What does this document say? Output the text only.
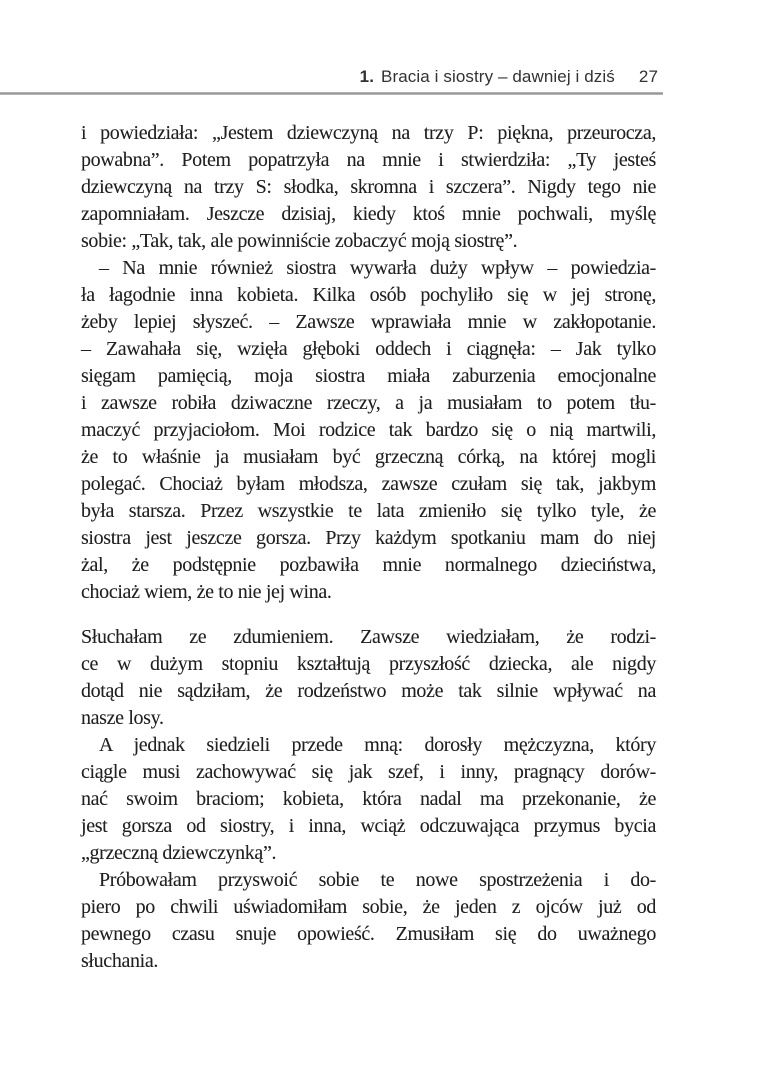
1. Bracia i siostry – dawniej i dziś 27
i powiedziała: „Jestem dziewczyną na trzy P: piękna, przeurocza,
powabna”. Potem popatrzyła na mnie i stwierdziła: „Ty jesteś
dziewczyną na trzy S: słodka, skromna i szczera”. Nigdy tego nie
zapomniałam. Jeszcze dzisiaj, kiedy ktoś mnie pochwali, myślę
sobie: „Tak, tak, ale powinniście zobaczyć moją siostrę”.
– Na mnie również siostra wywarła duży wpływ – powiedzia-
ła łagodnie inna kobieta. Kilka osób pochyliło się w jej stronę,
żeby lepiej słyszeć. – Zawsze wprawiała mnie w zakłopotanie.
– Zawahała się, wzięła głęboki oddech i ciągnęła: – Jak tylko
sięgam pamięcią, moja siostra miała zaburzenia emocjonalne
i zawsze robiła dziwaczne rzeczy, a ja musiałam to potem tłu-
maczyć przyjaciołom. Moi rodzice tak bardzo się o nią martwili,
że to właśnie ja musiałam być grzeczną córką, na której mogli
polegać. Chociaż byłam młodsza, zawsze czułam się tak, jakbym
była starsza. Przez wszystkie te lata zmieniło się tylko tyle, że
siostra jest jeszcze gorsza. Przy każdym spotkaniu mam do niej
żal, że podstępnie pozbawiła mnie normalnego dzieciństwa,
chociaż wiem, że to nie jej wina.
Słuchałam ze zdumieniem. Zawsze wiedziałam, że rodzi-
ce w dużym stopniu kształtują przyszłość dziecka, ale nigdy
dotąd nie sądziłam, że rodzeństwo może tak silnie wpływać na
nasze losy.
A jednak siedzieli przede mną: dorosły mężczyzna, który
ciągle musi zachowywać się jak szef, i inny, pragnący dorów-
nać swoim braciom; kobieta, która nadal ma przekonanie, że
jest gorsza od siostry, i inna, wciąż odczuwająca przymus bycia
„grzeczną dziewczynką”.
Próbowałam przyswoić sobie te nowe spostrzeżenia i do-
piero po chwili uświadomiłam sobie, że jeden z ojców już od
pewnego czasu snuje opowieść. Zmusiłam się do uważnego
słuchania.
